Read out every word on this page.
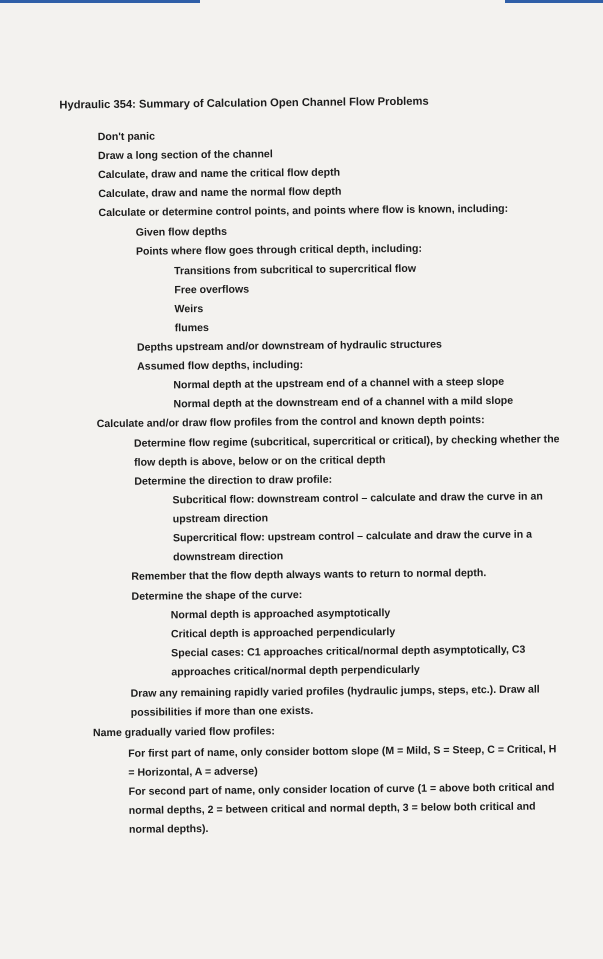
Hydraulic 354: Summary of Calculation Open Channel Flow Problems
Don't panic
Draw a long section of the channel
Calculate, draw and name the critical flow depth
Calculate, draw and name the normal flow depth
Calculate or determine control points, and points where flow is known, including:
Given flow depths
Points where flow goes through critical depth, including:
Transitions from subcritical to supercritical flow
Free overflows
Weirs
flumes
Depths upstream and/or downstream of hydraulic structures
Assumed flow depths, including:
Normal depth at the upstream end of a channel with a steep slope
Normal depth at the downstream end of a channel with a mild slope
Calculate and/or draw flow profiles from the control and known depth points:
Determine flow regime (subcritical, supercritical or critical), by checking whether the
flow depth is above, below or on the critical depth
Determine the direction to draw profile:
Subcritical flow: downstream control – calculate and draw the curve in an
upstream direction
Supercritical flow: upstream control – calculate and draw the curve in a
downstream direction
Remember that the flow depth always wants to return to normal depth.
Determine the shape of the curve:
Normal depth is approached asymptotically
Critical depth is approached perpendicularly
Special cases: C1 approaches critical/normal depth asymptotically, C3
approaches critical/normal depth perpendicularly
Draw any remaining rapidly varied profiles (hydraulic jumps, steps, etc.). Draw all
possibilities if more than one exists.
Name gradually varied flow profiles:
For first part of name, only consider bottom slope (M = Mild, S = Steep, C = Critical, H
= Horizontal, A = adverse)
For second part of name, only consider location of curve (1 = above both critical and
normal depths, 2 = between critical and normal depth, 3 = below both critical and
normal depths).
